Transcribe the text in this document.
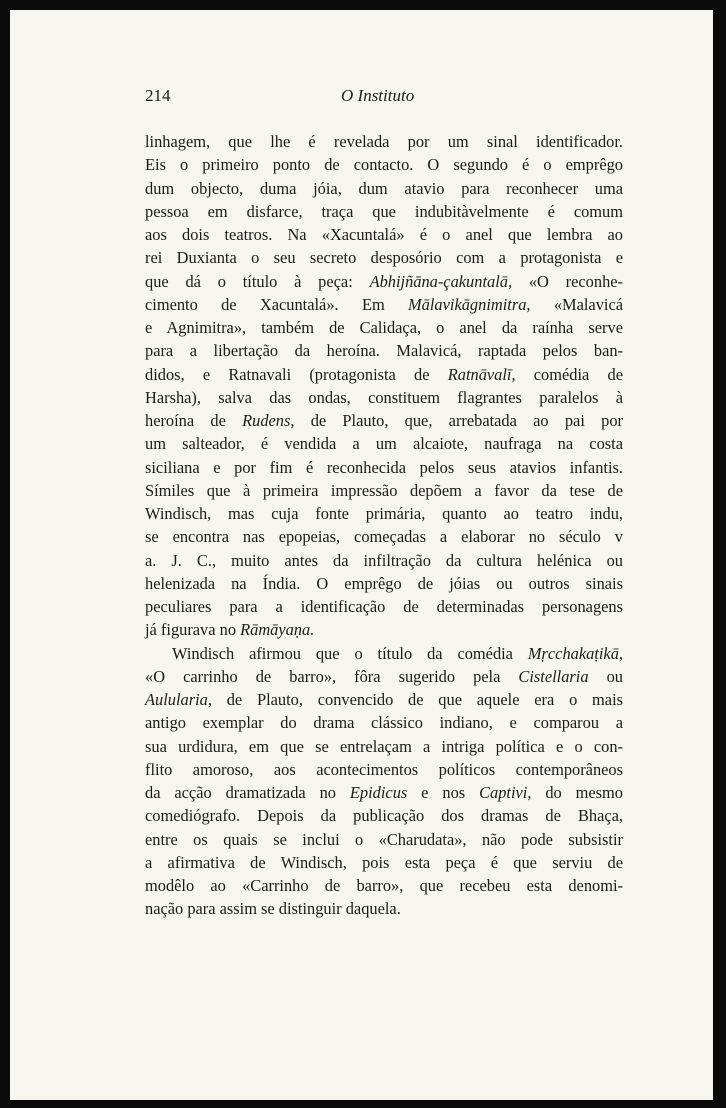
214	O Instituto
linhagem, que lhe é revelada por um sinal identificador.
Eis o primeiro ponto de contacto. O segundo é o emprêgo
dum objecto, duma jóia, dum atavio para reconhecer uma
pessoa em disfarce, traça que indubitàvelmente é comum
aos dois teatros. Na «Xacuntalá» é o anel que lembra ao
rei Duxianta o seu secreto desposório com a protagonista e
que dá o título à peça: Abhijñāna-çakuntalā, «O reconhe-
cimento de Xacuntalá». Em Mālavikāgnimitra, «Malavicá
e Agnimitra», também de Calidaça, o anel da raínha serve
para a libertação da heroína. Malavicá, raptada pelos ban-
didos, e Ratnavali (protagonista de Ratnāvalī, comédia de
Harsha), salva das ondas, constituem flagrantes paralelos à
heroína de Rudens, de Plauto, que, arrebatada ao pai por
um salteador, é vendida a um alcaiote, naufraga na costa
siciliana e por fim é reconhecida pelos seus atavios infantis.
Símiles que à primeira impressão depõem a favor da tese de
Windisch, mas cuja fonte primária, quanto ao teatro indu,
se encontra nas epopeias, começadas a elaborar no século v
a. J. C., muito antes da infiltração da cultura helénica ou
helenizada na Índia. O emprêgo de jóias ou outros sinais
peculiares para a identificação de determinadas personagens
já figurava no Rāmāyaṇa.
Windisch afirmou que o título da comédia Mṛcchakaṭikā,
«O carrinho de barro», fôra sugerido pela Cistellaria ou
Aulularia, de Plauto, convencido de que aquele era o mais
antigo exemplar do drama clássico indiano, e comparou a
sua urdidura, em que se entrelaçam a intriga política e o con-
flito amoroso, aos acontecimentos políticos contemporâneos
da acção dramatizada no Epidicus e nos Captivi, do mesmo
comediógrafo. Depois da publicação dos dramas de Bhaça,
entre os quais se inclui o «Charudata», não pode subsistir
a afirmativa de Windisch, pois esta peça é que serviu de
modêlo ao «Carrinho de barro», que recebeu esta denomi-
nação para assim se distinguir daquela.
